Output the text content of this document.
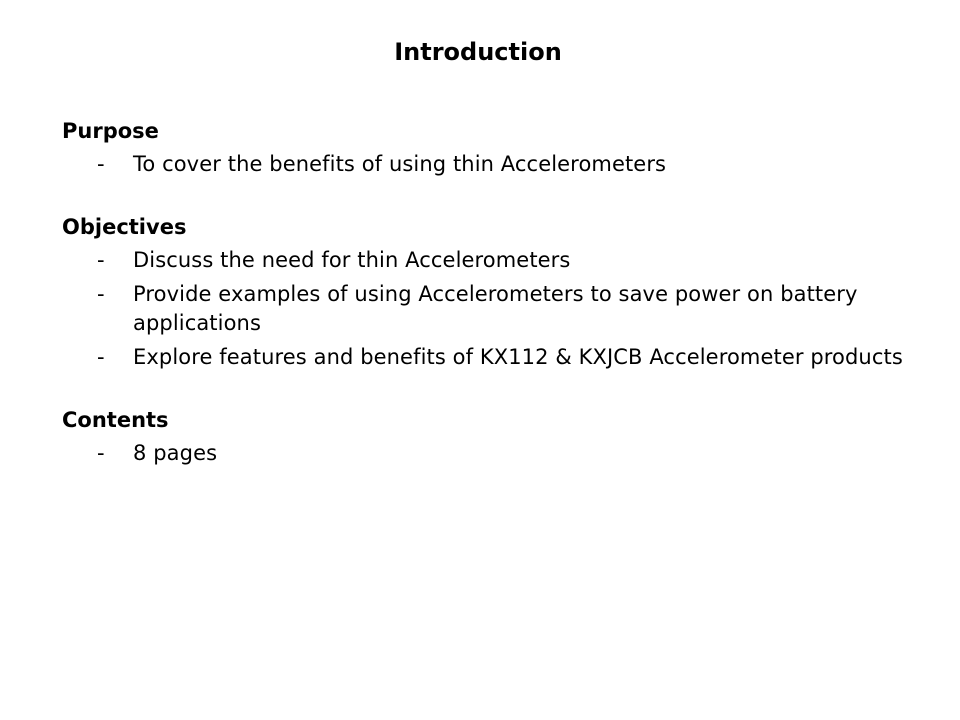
Introduction
Purpose
- To cover the benefits of using thin Accelerometers
Objectives
- Discuss the need for thin Accelerometers
- Provide examples of using Accelerometers to save power on battery applications
- Explore features and benefits of KX112 & KXJCB Accelerometer products
Contents
- 8 pages
